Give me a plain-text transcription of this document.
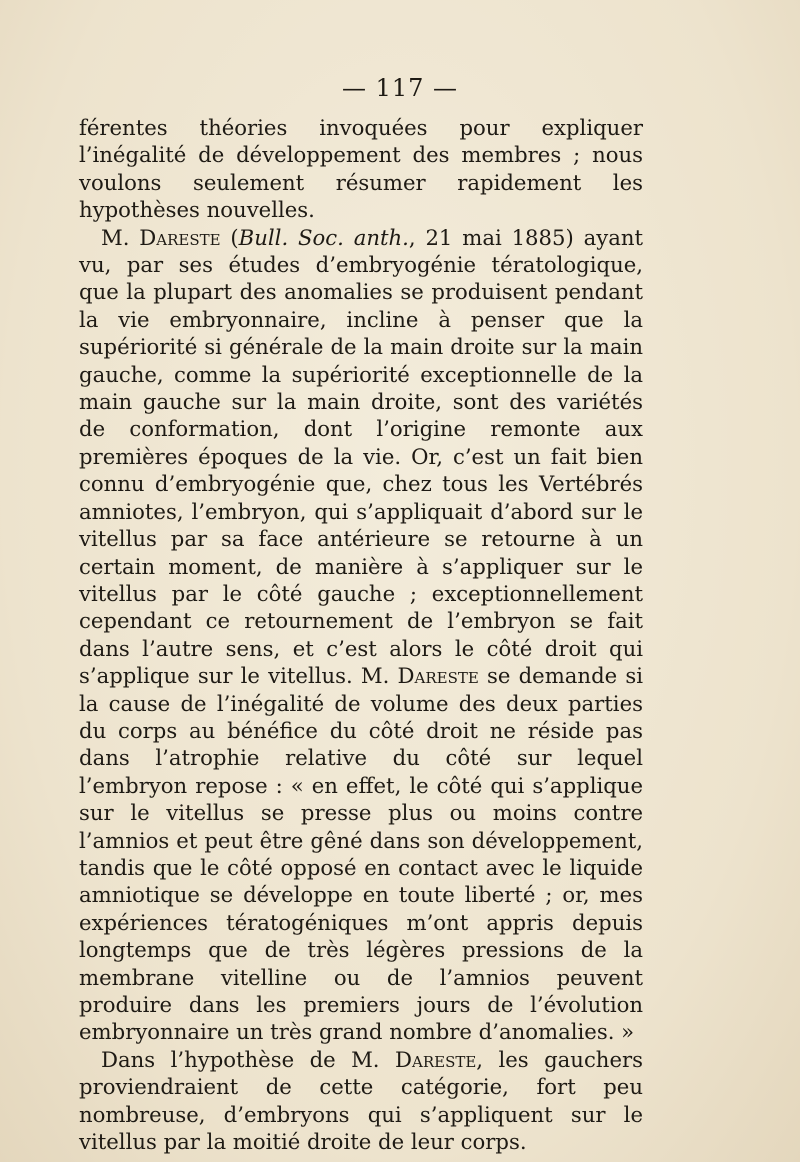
— 117 —

férentes théories invoquées pour expliquer l’inégalité de développement des membres ; nous voulons seulement résumer rapidement les hypothèses nouvelles.

M. Dareste (Bull. Soc. anth., 21 mai 1885) ayant vu, par ses études d’embryogénie tératologique, que la plupart des anomalies se produisent pendant la vie embryonnaire, incline à penser que la supériorité si générale de la main droite sur la main gauche, comme la supériorité exceptionnelle de la main gauche sur la main droite, sont des variétés de conformation, dont l’origine remonte aux premières époques de la vie. Or, c’est un fait bien connu d’embryogénie que, chez tous les Vertébrés amniotes, l’embryon, qui s’appliquait d’abord sur le vitellus par sa face antérieure se retourne à un certain moment, de manière à s’appliquer sur le vitellus par le côté gauche ; exceptionnellement cependant ce retournement de l’embryon se fait dans l’autre sens, et c’est alors le côté droit qui s’applique sur le vitellus. M. Dareste se demande si la cause de l’inégalité de volume des deux parties du corps au bénéfice du côté droit ne réside pas dans l’atrophie relative du côté sur lequel l’embryon repose : « en effet, le côté qui s’applique sur le vitellus se presse plus ou moins contre l’amnios et peut être gêné dans son développement, tandis que le côté opposé en contact avec le liquide amniotique se développe en toute liberté ; or, mes expériences tératogéniques m’ont appris depuis longtemps que de très légères pressions de la membrane vitelline ou de l’amnios peuvent produire dans les premiers jours de l’évolution embryonnaire un très grand nombre d’anomalies. »

Dans l’hypothèse de M. Dareste, les gauchers proviendraient de cette catégorie, fort peu nombreuse, d’embryons qui s’appliquent sur le vitellus par la moitié droite de leur corps.
